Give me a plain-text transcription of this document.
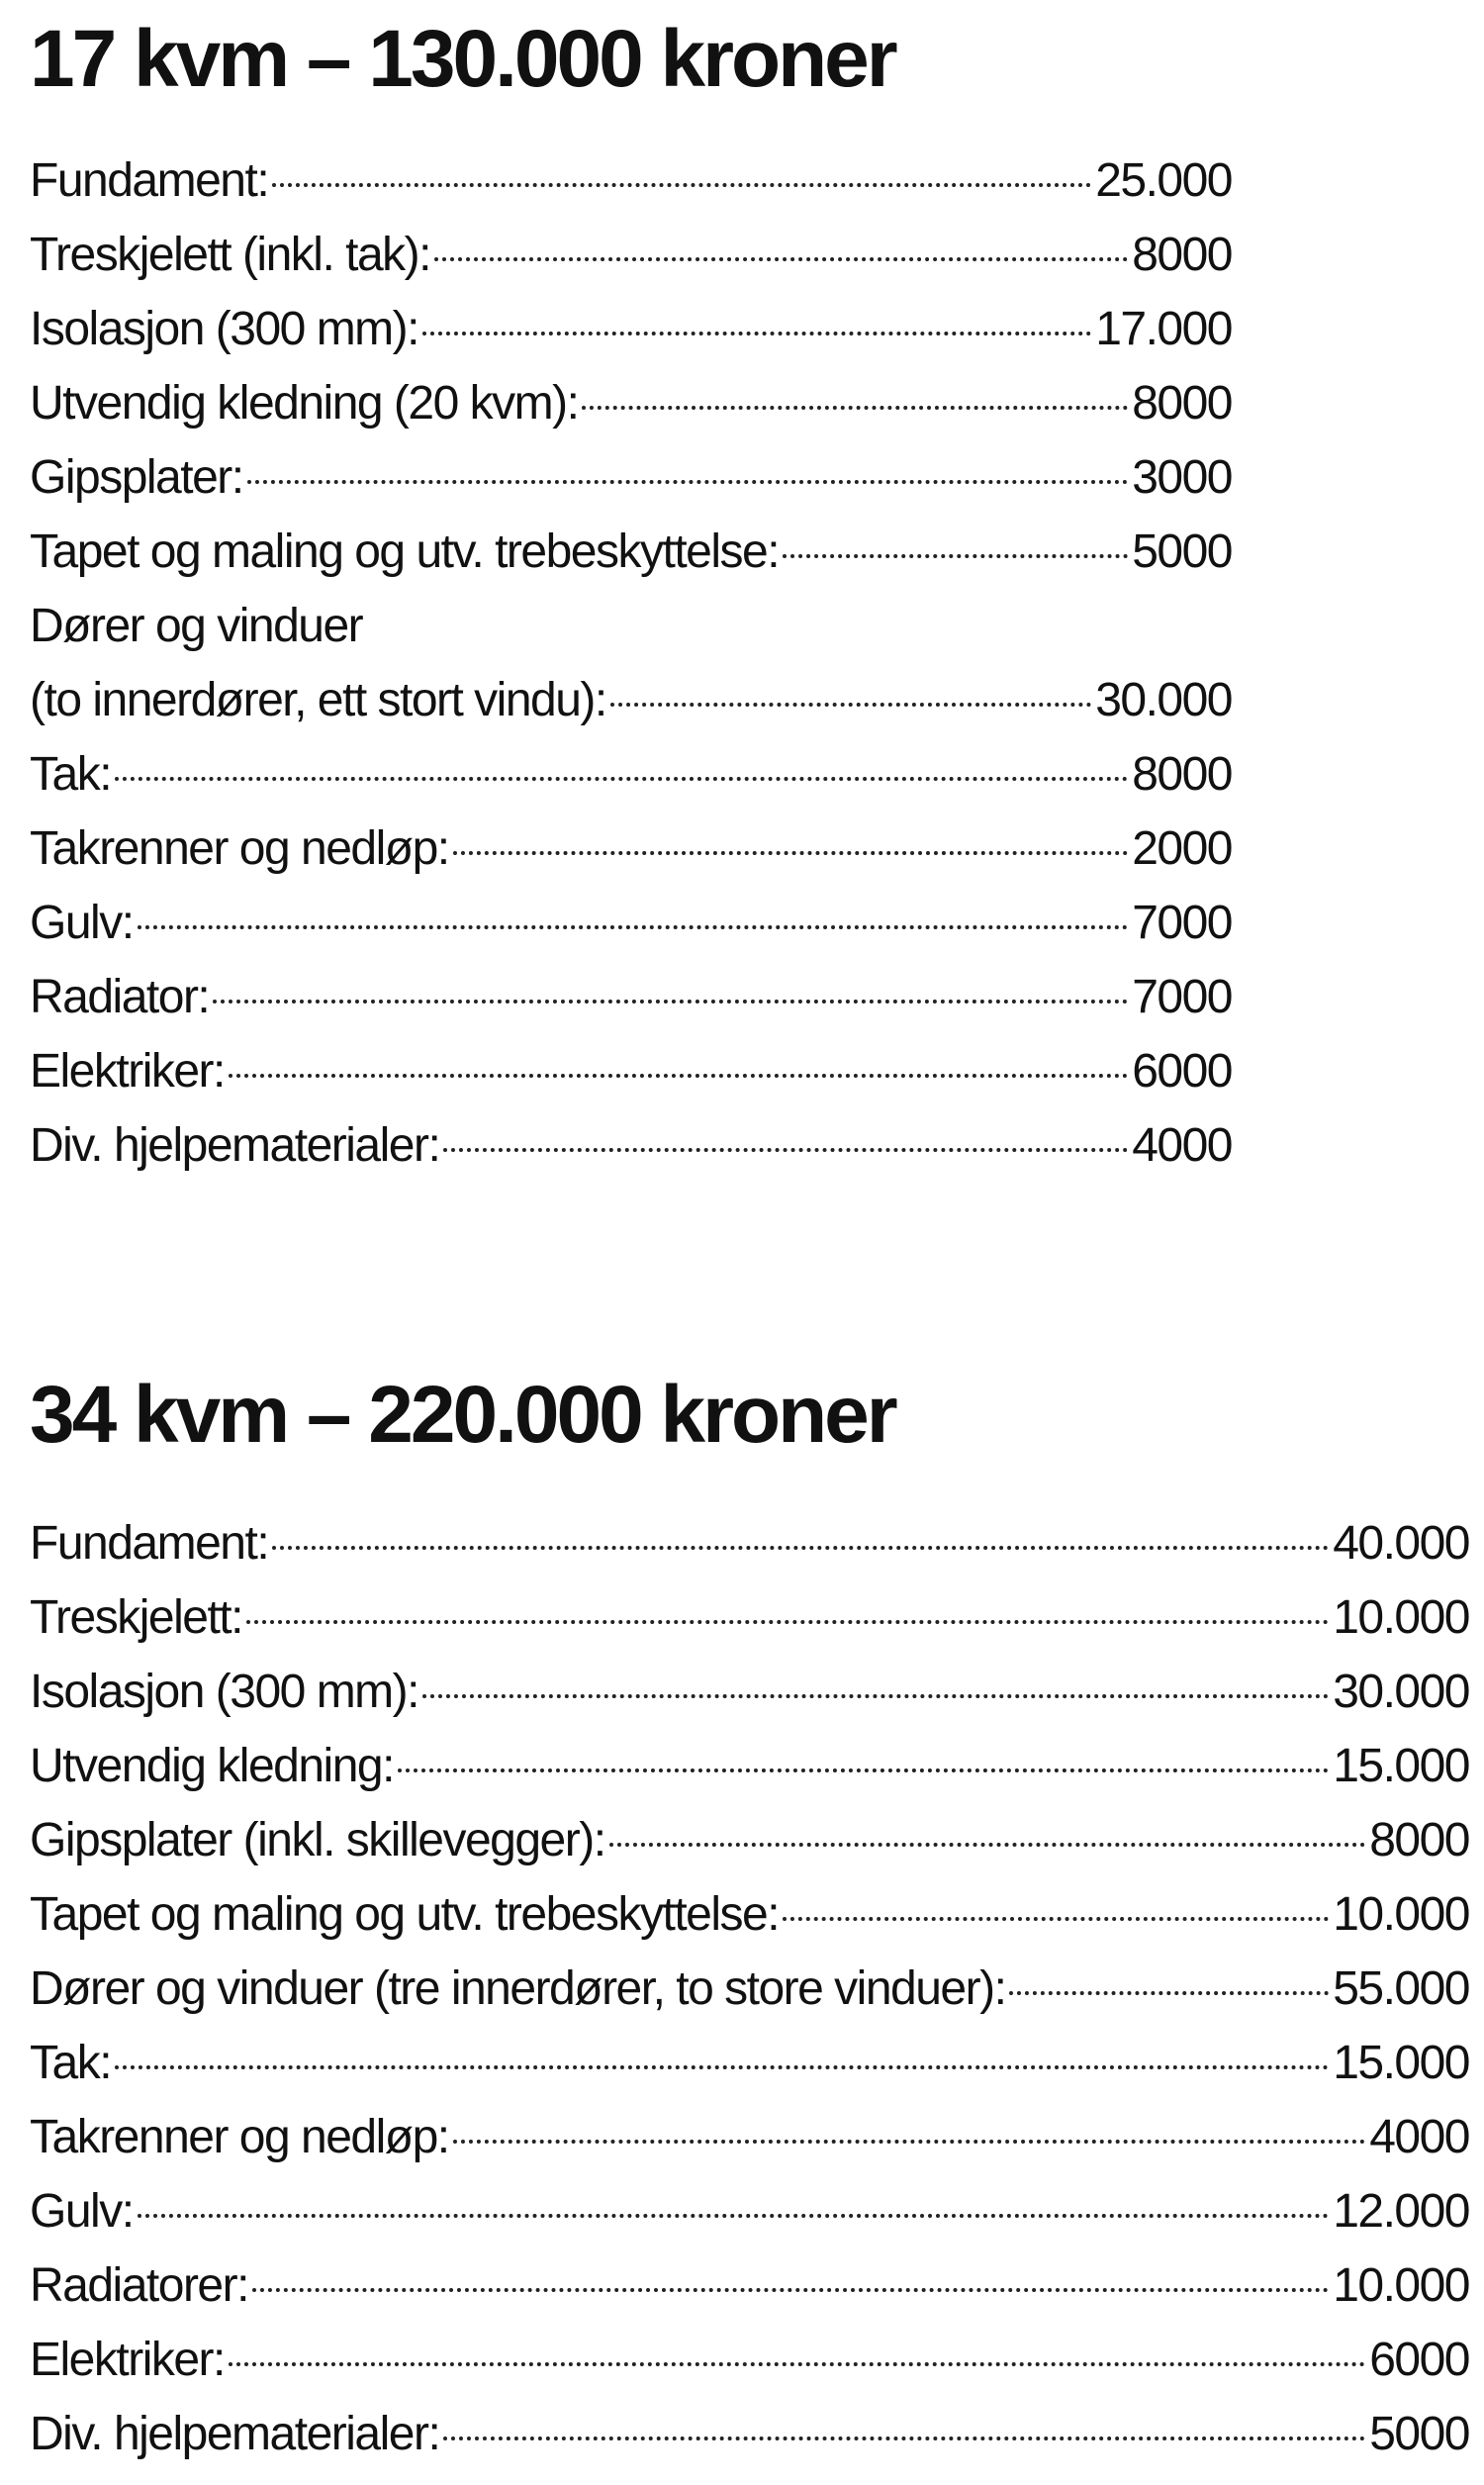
17 kvm – 130.000 kroner
Fundament:	25.000
Treskjelett (inkl. tak):	8000
Isolasjon (300 mm):	17.000
Utvendig kledning (20 kvm):	8000
Gipsplater:	3000
Tapet og maling og utv. trebeskyttelse:	5000
Dører og vinduer
(to innerdører, ett stort vindu):	30.000
Tak:	8000
Takrenner og nedløp:	2000
Gulv:	7000
Radiator:	7000
Elektriker:	6000
Div. hjelpematerialer:	4000
34 kvm – 220.000 kroner
Fundament:	40.000
Treskjelett:	10.000
Isolasjon (300 mm):	30.000
Utvendig kledning:	15.000
Gipsplater (inkl. skillevegger):	8000
Tapet og maling og utv. trebeskyttelse:	10.000
Dører og vinduer (tre innerdører, to store vinduer):	55.000
Tak:	15.000
Takrenner og nedløp:	4000
Gulv:	12.000
Radiatorer:	10.000
Elektriker:	6000
Div. hjelpematerialer:	5000
